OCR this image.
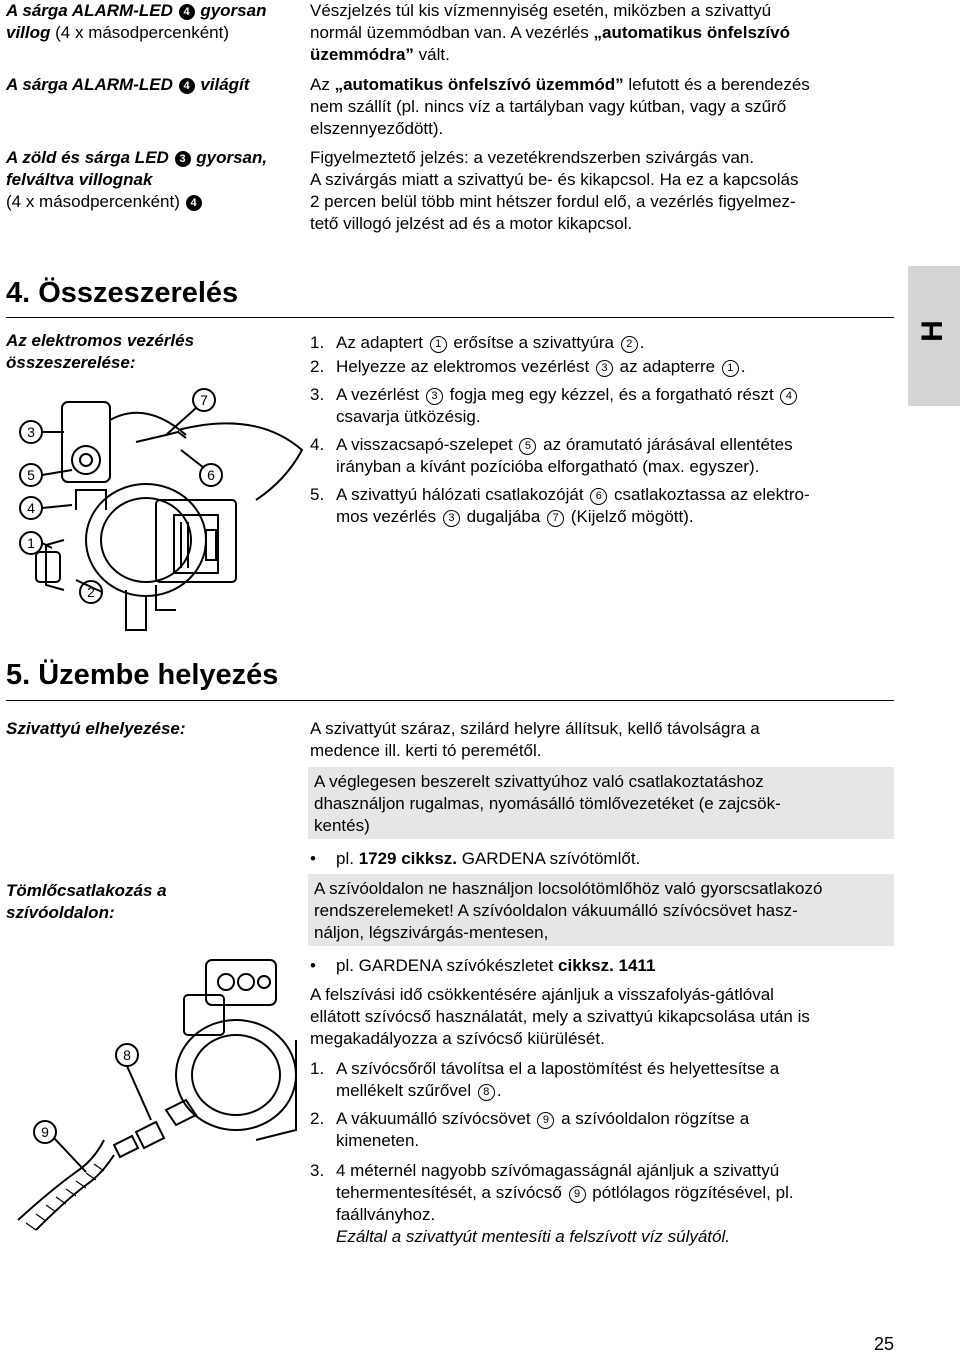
A sárga ALARM-LED 4 gyorsan
villog (4 x másodpercenként)
Vészjelzés túl kis vízmennyiség esetén, miközben a szivattyú
normál üzemmódban van. A vezérlés „automatikus önfelszívó
üzemmódra” vált.
A sárga ALARM-LED 4 világít	Az „automatikus önfelszívó üzemmód” lefutott és a berendezés
nem szállít (pl. nincs víz a tartályban vagy kútban, vagy a szűrő
elszennyeződött).
A zöld és sárga LED 3 gyorsan,
felváltva villognak
(4 x másodpercenként) 4
Figyelmeztető jelzés: a vezetékrendszerben szivárgás van.
A szivárgás miatt a szivattyú be- és kikapcsol. Ha ez a kapcsolás
2 percen belül több mint hétszer fordul elő, a vezérlés figyelmez-
tető villogó jelzést ad és a motor kikapcsol.
H
4. Összeszerelés
Az elektromos vezérlés
összeszerelése:
3
5
4
1
2
7
6
1. Az adaptert 1 erősítse a szivattyúra 2 .
2. Helyezze az elektromos vezérlést 3 az adapterre 1 .
3. A vezérlést 3 fogja meg egy kézzel, és a forgatható részt 4
csavarja ütközésig.
4. A visszacsapó-szelepet 5 az óramutató járásával ellentétes
irányban a kívánt pozícióba elforgatható (max. egyszer).
5. A szivattyú hálózati csatlakozóját 6 csatlakoztassa az elektro-
mos vezérlés 3 dugaljába 7 (Kijelző mögött).
5. Üzembe helyezés
Szivattyú elhelyezése:
Tömlőcsatlakozás a
szívóoldalon:
A szivattyút száraz, szilárd helyre állítsuk, kellő távolságra a
medence ill. kerti tó peremétől.
A véglegesen beszerelt szivattyúhoz való csatlakoztatáshoz
dhasználjon rugalmas, nyomásálló tömlővezetéket (e zajcsök-
kentés)
• pl. 1729 cikksz. GARDENA szívótömlőt.
A szívóoldalon ne használjon locsolótömlőhöz való gyorscsatlakozó
rendszerelemeket! A szívóoldalon vákuumálló szívócsövet hasz-
náljon, légszivárgás-mentesen,
• pl. GARDENA szívókészletet cikksz. 1411
A felszívási idő csökkentésére ajánljuk a visszafolyás-gátlóval
ellátott szívócső használatát, mely a szivattyú kikapcsolása után is
megakadályozza a szívócső kiürülését.
1. A szívócsőről távolítsa el a lapostömítést és helyettesítse a
mellékelt szűrővel 8 .
2. A vákuumálló szívócsövet 9 a szívóoldalon rögzítse a
kimeneten.
3. 4 méternél nagyobb szívómagasságnál ajánljuk a szivattyú
tehermentesítését, a szívócső 9 pótlólagos rögzítésével, pl.
faállványhoz.
Ezáltal a szivattyút mentesíti a felszívott víz súlyától.
8
9
25
